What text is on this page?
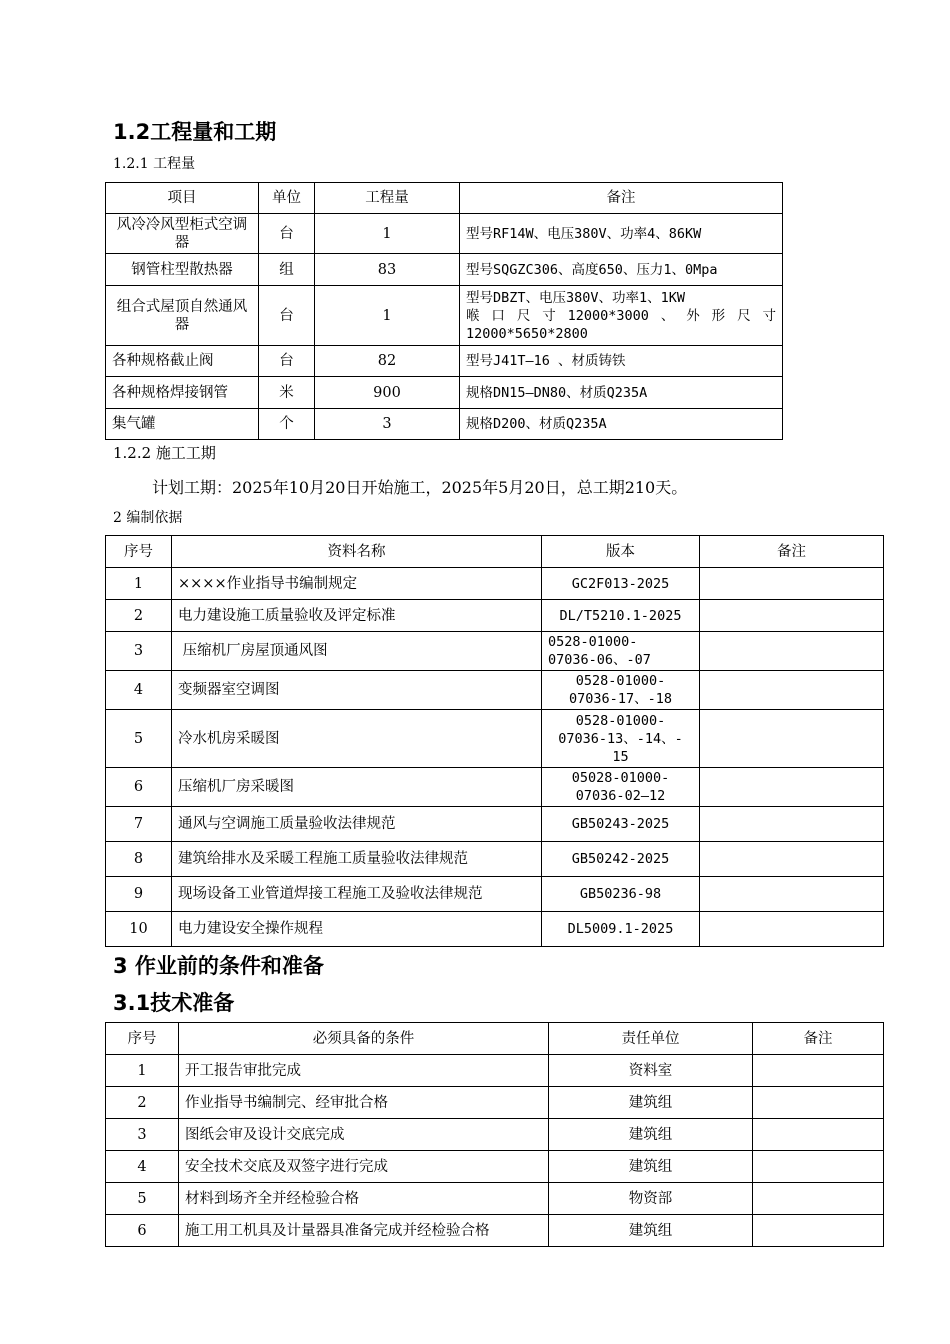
1.2工程量和工期

1.2.1 工程量

项目	单位	工程量	备注
风冷冷风型柜式空调器	台	1	型号RF14W、电压380V、功率4、86KW
钢管柱型散热器	组	83	型号SQGZC306、高度650、压力1、0Mpa
组合式屋顶自然通风器	台	1	型号DBZT、电压380V、功率1、1KW
喉口尺寸12000*3000、外形尺寸
12000*5650*2800

各种规格截止阀	台	82	型号J41T—16 、材质铸铁
各种规格焊接钢管	米	900	规格DN15—DN80、材质Q235A
集气罐	个	3	规格D200、材质Q235A

1.2.2 施工工期

计划工期：2025年10月20日开始施工，2025年5月20日，总工期210天。

2 编制依据

序号	资料名称	版本	备注
1	××××作业指导书编制规定	GC2F013-2025	
2	电力建设施工质量验收及评定标准	DL/T5210.1-2025	
3	压缩机厂房屋顶通风图	0528-01000-
07036-06、-07	

4	变频器室空调图	0528-01000-
07036-17、-18	

5	冷水机房采暖图	0528-01000-
07036-13、-14、-
15	

6	压缩机厂房采暖图	05028-01000-
07036-02—12	

7	通风与空调施工质量验收法律规范	GB50243-2025	
8	建筑给排水及采暖工程施工质量验收法律规范	GB50242-2025	
9	现场设备工业管道焊接工程施工及验收法律规范	GB50236-98	
10	电力建设安全操作规程	DL5009.1-2025	
3 作业前的条件和准备
3.1技术准备
序号	必须具备的条件	责任单位	备注
1	开工报告审批完成	资料室	
2	作业指导书编制完、经审批合格	建筑组	
3	图纸会审及设计交底完成	建筑组	
4	安全技术交底及双签字进行完成	建筑组	
5	材料到场齐全并经检验合格	物资部	
6	施工用工机具及计量器具准备完成并经检验合格	建筑组	
